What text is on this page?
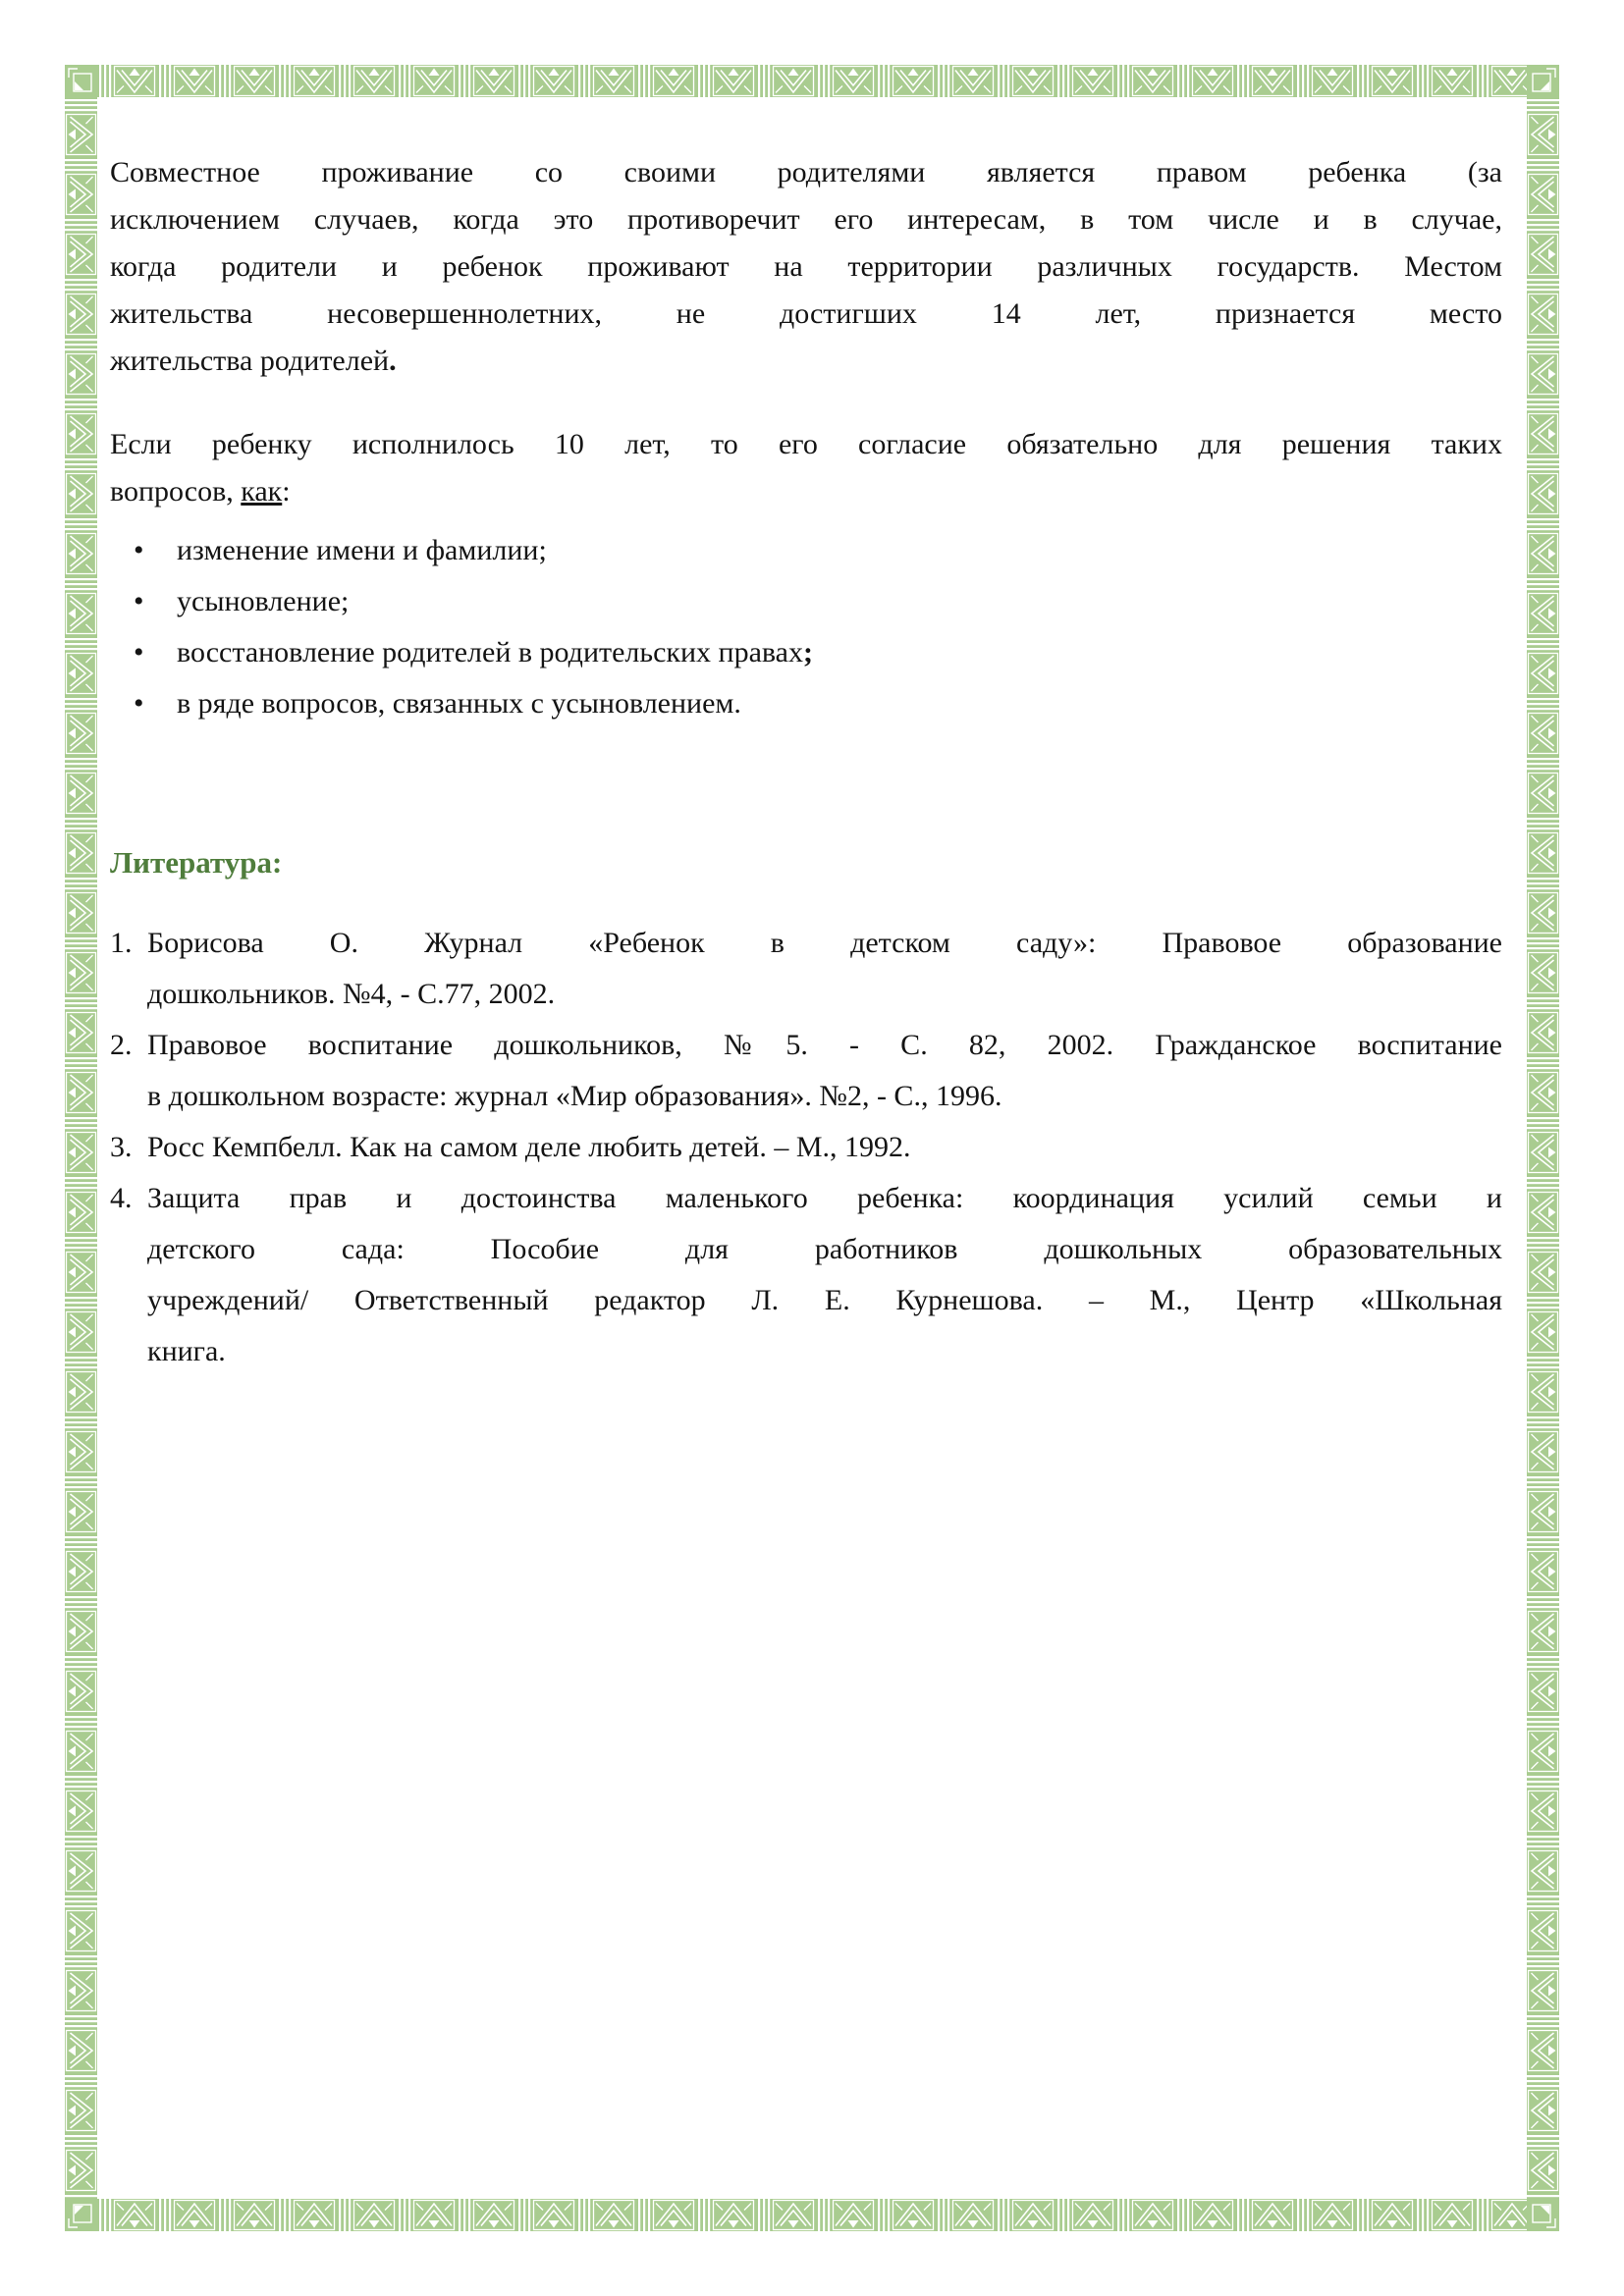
Совместное проживание со своими родителями является правом ребенка (за
исключением случаев, когда это противоречит его интересам, в том числе и в случае,
когда родители и ребенок проживают на территории различных государств. Местом
жительства несовершеннолетних, не достигших 14 лет, признается место
жительства родителей.
Если ребенку исполнилось 10 лет, то его согласие обязательно для решения таких
вопросов, как:
•	изменение имени и фамилии;
•	усыновление;
•	восстановление родителей в родительских правах;
•	в ряде вопросов, связанных с усыновлением.
Литература:
1. Борисова О. Журнал «Ребенок в детском саду»: Правовое образование
дошкольников. №4, - С.77, 2002.
2. Правовое воспитание дошкольников, №5. - С. 82, 2002. Гражданское воспитание
в дошкольном возрасте: журнал «Мир образования». №2, - С., 1996.
3. Росс Кемпбелл. Как на самом деле любить детей. – М., 1992.
4. Защита прав и достоинства маленького ребенка: координация усилий семьи и
детского сада: Пособие для работников дошкольных образовательных
учреждений/ Ответственный редактор Л. Е. Курнешова. – М., Центр «Школьная
книга.
